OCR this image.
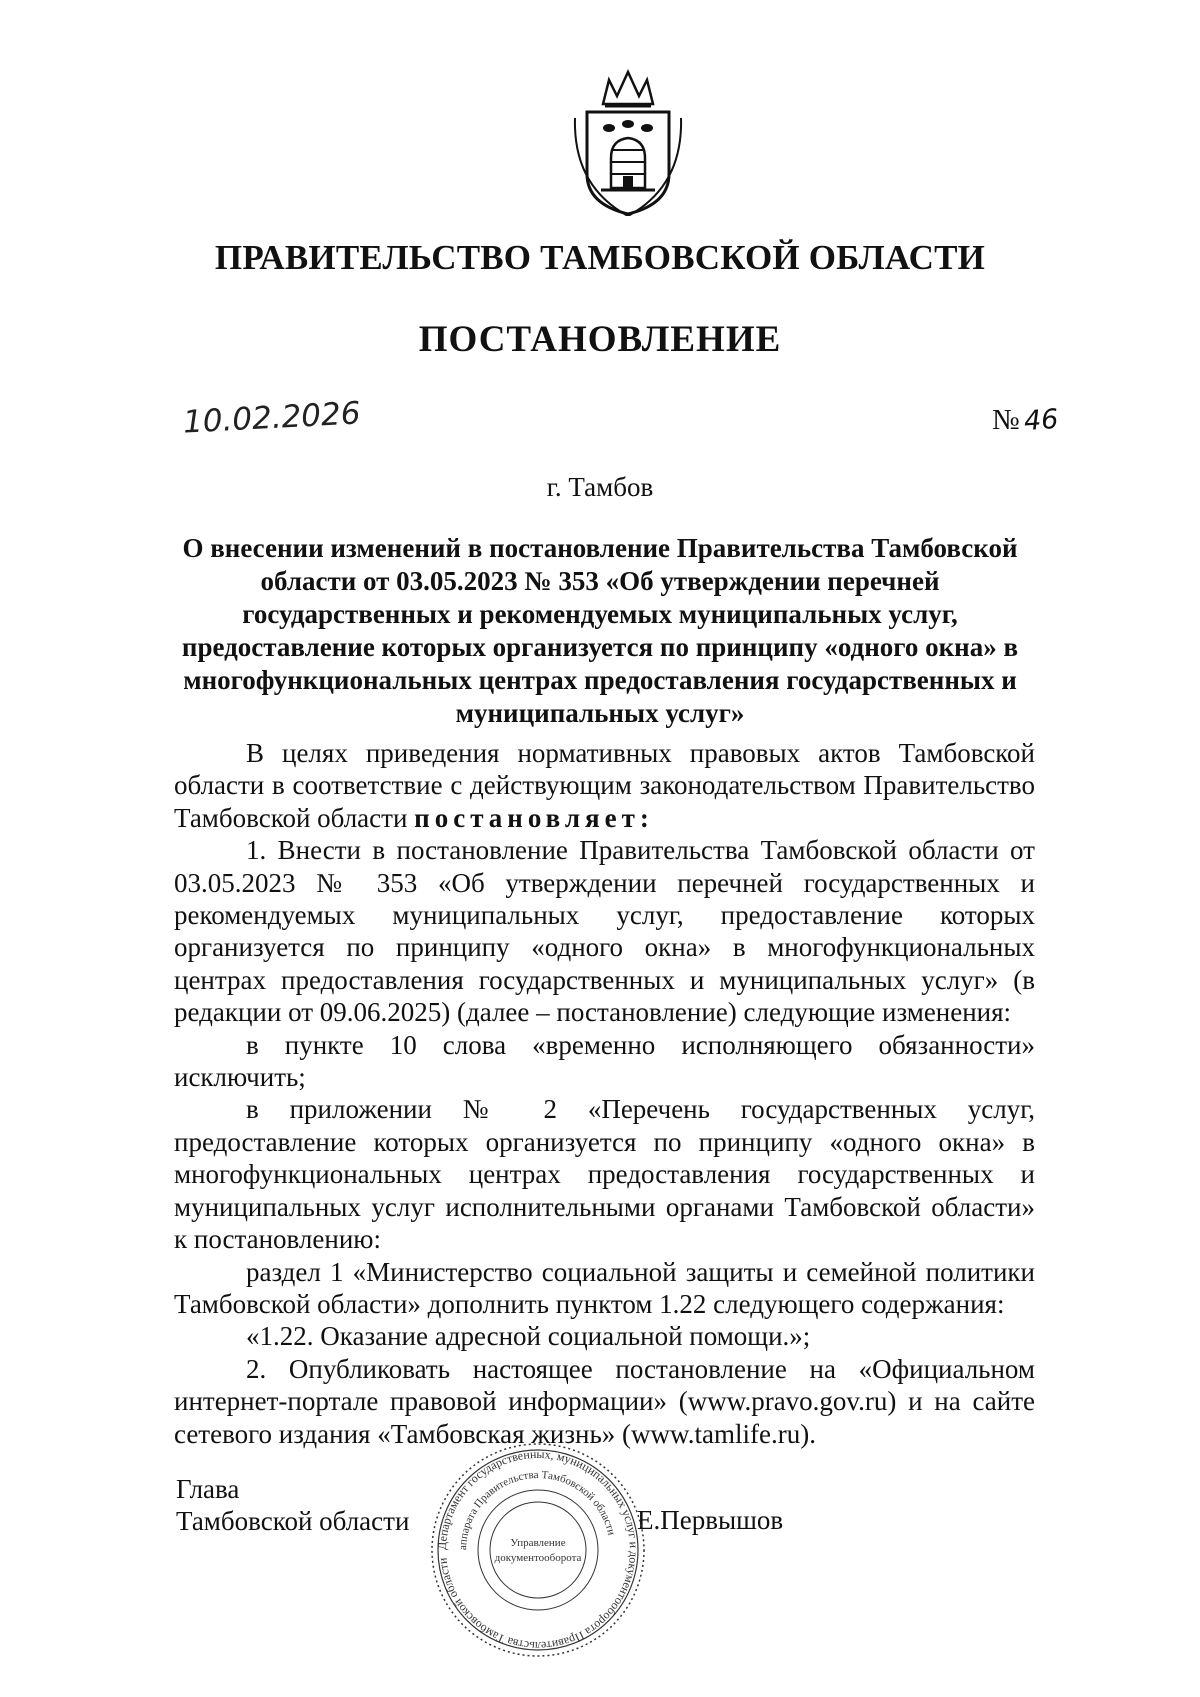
ПРАВИТЕЛЬСТВО ТАМБОВСКОЙ ОБЛАСТИ
ПОСТАНОВЛЕНИЕ
10.02.2026	№ 46
г. Тамбов
О внесении изменений в постановление Правительства Тамбовской области от 03.05.2023 № 353 «Об утверждении перечней государственных и рекомендуемых муниципальных услуг, предоставление которых организуется по принципу «одного окна» в многофункциональных центрах предоставления государственных и муниципальных услуг»

В целях приведения нормативных правовых актов Тамбовской области в соответствие с действующим законодательством Правительство Тамбовской области постановляет:

1. Внести в постановление Правительства Тамбовской области от 03.05.2023 № 353 «Об утверждении перечней государственных и рекомендуемых муниципальных услуг, предоставление которых организуется по принципу «одного окна» в многофункциональных центрах предоставления государственных и муниципальных услуг» (в редакции от 09.06.2025) (далее – постановление) следующие изменения:

в пункте 10 слова «временно исполняющего обязанности» исключить;

в приложении № 2 «Перечень государственных услуг, предоставление которых организуется по принципу «одного окна» в многофункциональных центрах предоставления государственных и муниципальных услуг исполнительными органами Тамбовской области» к постановлению:

раздел 1 «Министерство социальной защиты и семейной политики Тамбовской области» дополнить пунктом 1.22 следующего содержания:

«1.22. Оказание адресной социальной помощи.»;

2. Опубликовать настоящее постановление на «Официальном интернет-портале правовой информации» (www.pravo.gov.ru) и на сайте сетевого издания «Тамбовская жизнь» (www.tamlife.ru).

Глава
Тамбовской области	Е.Первышов
Департамент государственных, муниципальных услуг и документооборота Правительства Тамбовской области
аппарата Правительства Тамбовской области
Управление
документооборота
